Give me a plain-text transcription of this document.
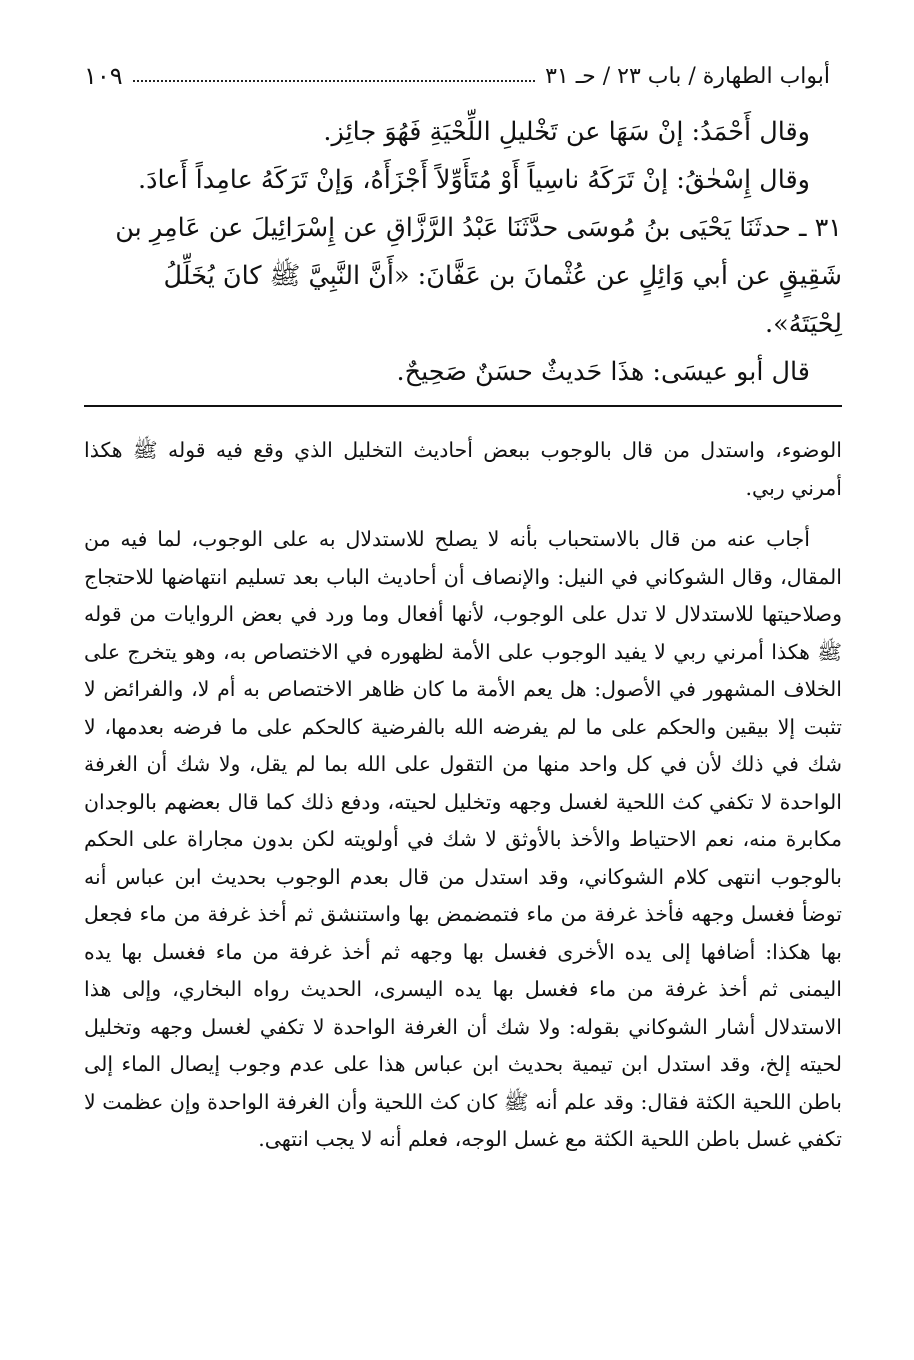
أبواب الطهارة / باب ٢٣ / حـ ٣١
١٠٩

وقال أَحْمَدُ: إنْ سَهَا عن تَخْليلِ اللِّحْيَةِ فَهُوَ جائِز.

وقال إِسْحٰقُ: إنْ تَرَكَهُ ناسِياً أَوْ مُتَأَوِّلاً أَجْزَأَهُ، وَإنْ تَرَكَهُ عامِداً أَعادَ.

٣١ ـ حدثَنَا يَحْيَى بنُ مُوسَى حدَّثَنَا عَبْدُ الرَّزَّاقِ عن إِسْرَائِيلَ عن عَامِرِ بن شَقِيقٍ عن أبي وَائِلٍ عن عُثْمانَ بن عَفَّانَ: «أَنَّ النَّبِيَّ ﷺ كانَ يُخَلِّلُ لِحْيَتَهُ».

قال أبو عيسَى: هذَا حَديثٌ حسَنٌ صَحِيحٌ.

الوضوء، واستدل من قال بالوجوب ببعض أحاديث التخليل الذي وقع فيه قوله ﷺ هكذا أمرني ربي.

أجاب عنه من قال بالاستحباب بأنه لا يصلح للاستدلال به على الوجوب، لما فيه من المقال، وقال الشوكاني في النيل: والإنصاف أن أحاديث الباب بعد تسليم انتهاضها للاحتجاج وصلاحيتها للاستدلال لا تدل على الوجوب، لأنها أفعال وما ورد في بعض الروايات من قوله ﷺ هكذا أمرني ربي لا يفيد الوجوب على الأمة لظهوره في الاختصاص به، وهو يتخرج على الخلاف المشهور في الأصول: هل يعم الأمة ما كان ظاهر الاختصاص به أم لا، والفرائض لا تثبت إلا بيقين والحكم على ما لم يفرضه الله بالفرضية كالحكم على ما فرضه بعدمها، لا شك في ذلك لأن في كل واحد منها من التقول على الله بما لم يقل، ولا شك أن الغرفة الواحدة لا تكفي كث اللحية لغسل وجهه وتخليل لحيته، ودفع ذلك كما قال بعضهم بالوجدان مكابرة منه، نعم الاحتياط والأخذ بالأوثق لا شك في أولويته لكن بدون مجاراة على الحكم بالوجوب انتهى كلام الشوكاني، وقد استدل من قال بعدم الوجوب بحديث ابن عباس أنه توضأ فغسل وجهه فأخذ غرفة من ماء فتمضمض بها واستنشق ثم أخذ غرفة من ماء فجعل بها هكذا: أضافها إلى يده الأخرى فغسل بها وجهه ثم أخذ غرفة من ماء فغسل بها يده اليمنى ثم أخذ غرفة من ماء فغسل بها يده اليسرى، الحديث رواه البخاري، وإلى هذا الاستدلال أشار الشوكاني بقوله: ولا شك أن الغرفة الواحدة لا تكفي لغسل وجهه وتخليل لحيته إلخ، وقد استدل ابن تيمية بحديث ابن عباس هذا على عدم وجوب إيصال الماء إلى باطن اللحية الكثة فقال: وقد علم أنه ﷺ كان كث اللحية وأن الغرفة الواحدة وإن عظمت لا تكفي غسل باطن اللحية الكثة مع غسل الوجه، فعلم أنه لا يجب انتهى.
